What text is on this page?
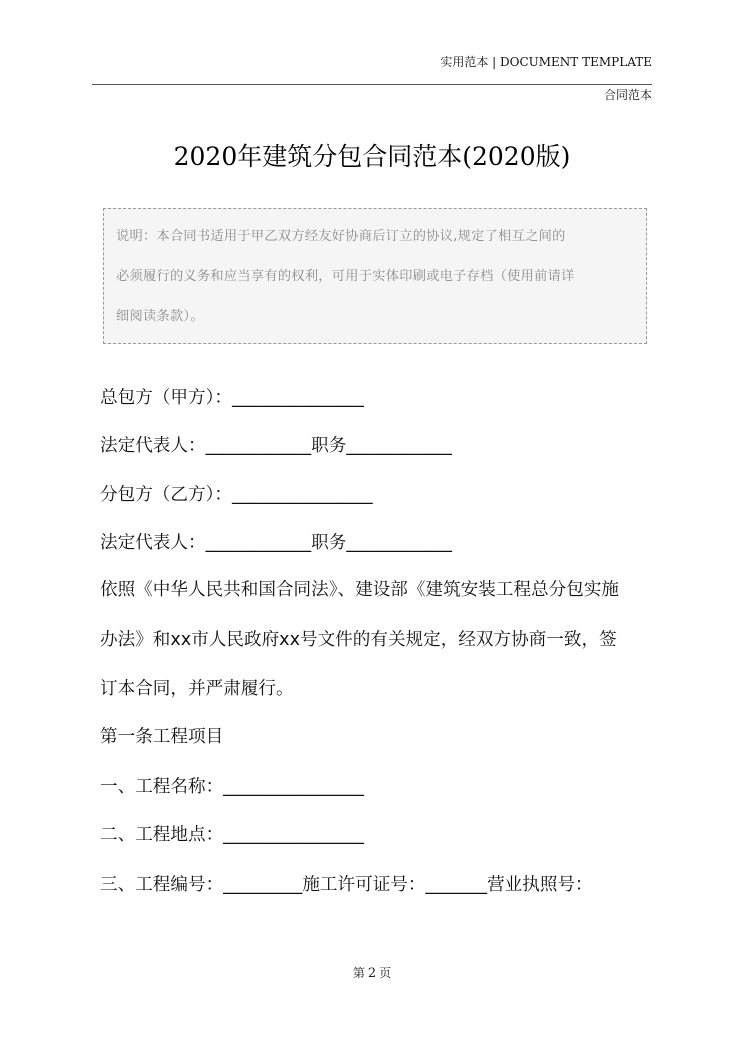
实用范本 | DOCUMENT TEMPLATE
合同范本
2020年建筑分包合同范本(2020版)
说明：本合同书适用于甲乙双方经友好协商后订立的协议,规定了相互之间的
必须履行的义务和应当享有的权利，可用于实体印刷或电子存档（使用前请详
细阅读条款）。
总包方（甲方）：_______________
法定代表人：____________职务____________
分包方（乙方）：________________
法定代表人：____________职务____________
依照《中华人民共和国合同法》、建设部《建筑安装工程总分包实施
办法》和xx市人民政府xx号文件的有关规定，经双方协商一致，签
订本合同，并严肃履行。
第一条工程项目
一、工程名称：________________
二、工程地点：________________
三、工程编号：_________施工许可证号：_______营业执照号：
第 2 页
